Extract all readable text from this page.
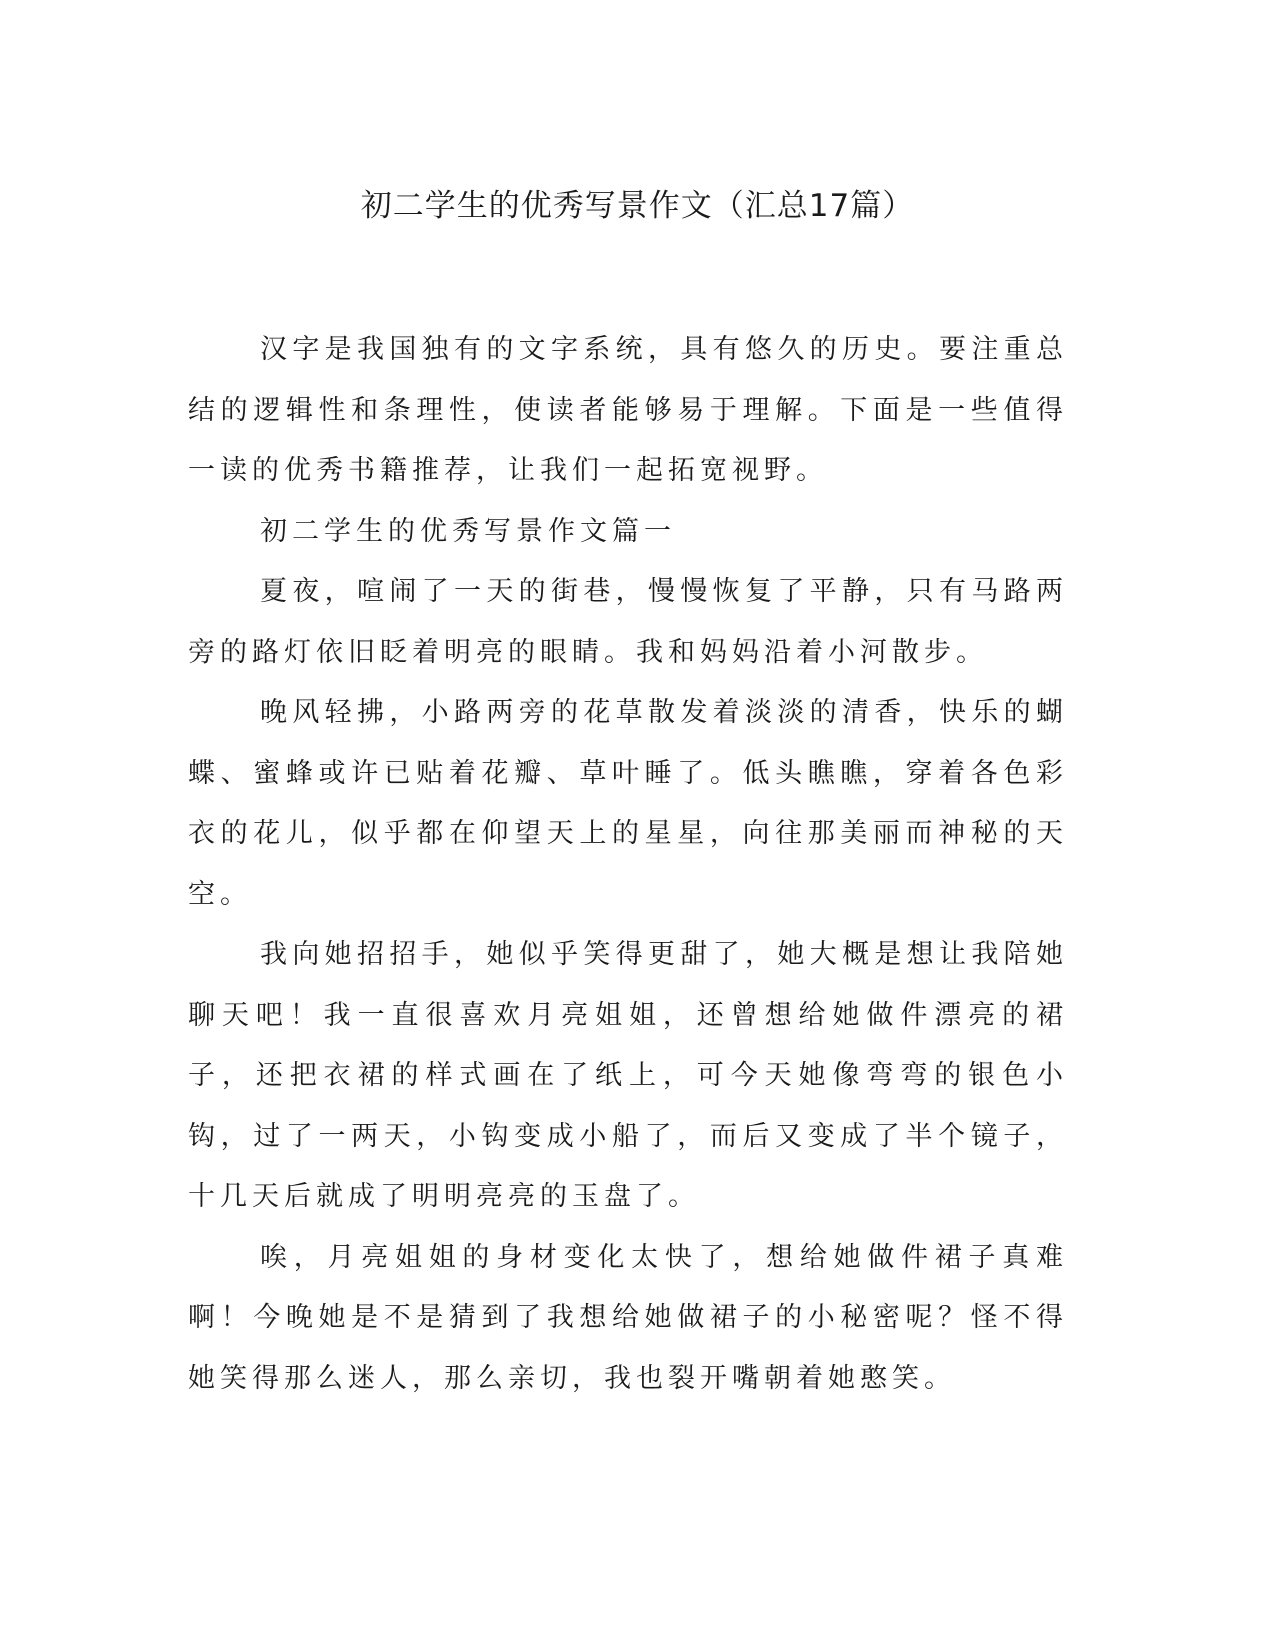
初二学生的优秀写景作文（汇总17篇）

汉字是我国独有的文字系统，具有悠久的历史。要注重总结的逻辑性和条理性，使读者能够易于理解。下面是一些值得一读的优秀书籍推荐，让我们一起拓宽视野。

初二学生的优秀写景作文篇一

夏夜，喧闹了一天的街巷，慢慢恢复了平静，只有马路两旁的路灯依旧眨着明亮的眼睛。我和妈妈沿着小河散步。

晚风轻拂，小路两旁的花草散发着淡淡的清香，快乐的蝴蝶、蜜蜂或许已贴着花瓣、草叶睡了。低头瞧瞧，穿着各色彩衣的花儿，似乎都在仰望天上的星星，向往那美丽而神秘的天空。

我向她招招手，她似乎笑得更甜了，她大概是想让我陪她聊天吧！我一直很喜欢月亮姐姐，还曾想给她做件漂亮的裙子，还把衣裙的样式画在了纸上，可今天她像弯弯的银色小钩，过了一两天，小钩变成小船了，而后又变成了半个镜子，十几天后就成了明明亮亮的玉盘了。

唉，月亮姐姐的身材变化太快了，想给她做件裙子真难啊！今晚她是不是猜到了我想给她做裙子的小秘密呢？怪不得她笑得那么迷人，那么亲切，我也裂开嘴朝着她憨笑。
